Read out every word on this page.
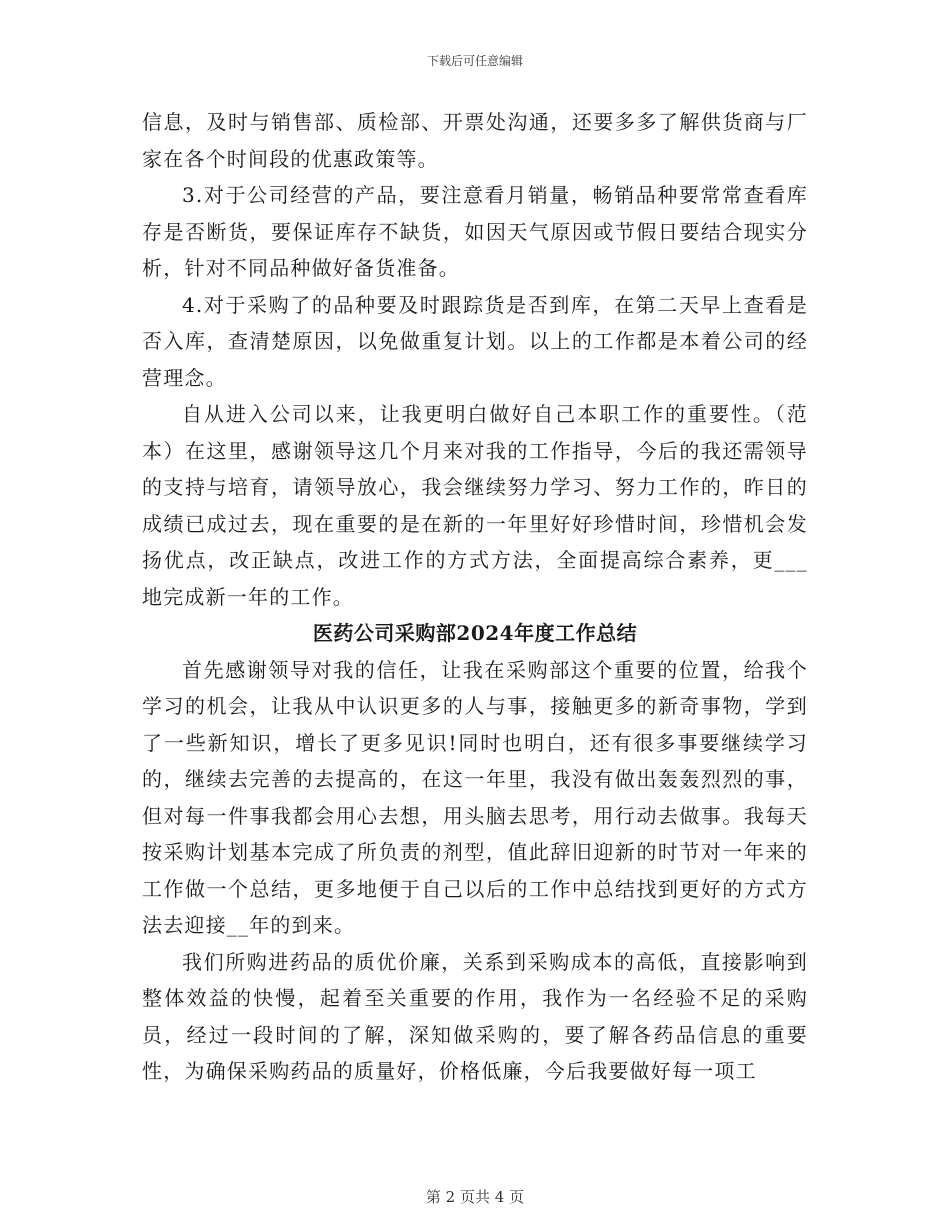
下载后可任意编辑

信息，及时与销售部、质检部、开票处沟通，还要多多了解供货商与厂家在各个时间段的优惠政策等。

3.对于公司经营的产品，要注意看月销量，畅销品种要常常查看库存是否断货，要保证库存不缺货，如因天气原因或节假日要结合现实分析，针对不同品种做好备货准备。

4.对于采购了的品种要及时跟踪货是否到库，在第二天早上查看是否入库，查清楚原因，以免做重复计划。以上的工作都是本着公司的经营理念。

自从进入公司以来，让我更明白做好自己本职工作的重要性。（范本）在这里，感谢领导这几个月来对我的工作指导，今后的我还需领导的支持与培育，请领导放心，我会继续努力学习、努力工作的，昨日的成绩已成过去，现在重要的是在新的一年里好好珍惜时间，珍惜机会发扬优点，改正缺点，改进工作的方式方法，全面提高综合素养，更___地完成新一年的工作。

医药公司采购部2024年度工作总结

首先感谢领导对我的信任，让我在采购部这个重要的位置，给我个学习的机会，让我从中认识更多的人与事，接触更多的新奇事物，学到了一些新知识，增长了更多见识!同时也明白，还有很多事要继续学习的，继续去完善的去提高的，在这一年里，我没有做出轰轰烈烈的事，但对每一件事我都会用心去想，用头脑去思考，用行动去做事。我每天按采购计划基本完成了所负责的剂型，值此辞旧迎新的时节对一年来的工作做一个总结，更多地便于自己以后的工作中总结找到更好的方式方法去迎接__年的到来。

我们所购进药品的质优价廉，关系到采购成本的高低，直接影响到整体效益的快慢，起着至关重要的作用，我作为一名经验不足的采购员，经过一段时间的了解，深知做采购的，要了解各药品信息的重要性，为确保采购药品的质量好，价格低廉，今后我要做好每一项工

第 2 页共 4 页
